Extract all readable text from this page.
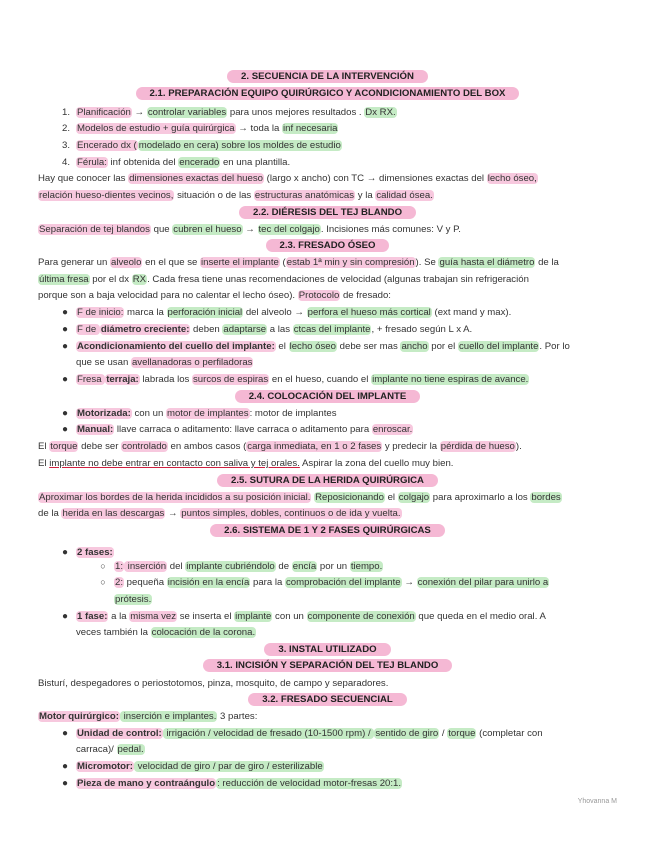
2. SECUENCIA DE LA INTERVENCIÓN
2.1. PREPARACIÓN EQUIPO QUIRÚRGICO Y ACONDICIONAMIENTO DEL BOX
1. Planificación → controlar variables para unos mejores resultados . Dx RX.
2. Modelos de estudio + guía quirúrgica → toda la inf necesaria
3. Encerado dx ( modelado en cera) sobre los moldes de estudio
4. Férula: inf obtenida del encerado en una plantilla.
Hay que conocer las dimensiones exactas del hueso (largo x ancho) con TC → dimensiones exactas del lecho óseo,
relación hueso-dientes vecinos, situación o de las estructuras anatómicas y la calidad ósea.
2.2. DIÉRESIS DEL TEJ BLANDO
Separación de tej blandos que cubren el hueso → tec del colgajo. Incisiones más comunes: V y P.
2.3. FRESADO ÓSEO
Para generar un alveolo en el que se inserte el implante (estab 1ª min y sin compresión). Se guía hasta el diámetro de la
última fresa por el dx RX. Cada fresa tiene unas recomendaciones de velocidad (algunas trabajan sin refrigeración
porque son a baja velocidad para no calentar el lecho óseo). Protocolo de fresado:
● F de inicio: marca la perforación inicial del alveolo → perfora el hueso más cortical (ext mand y max).
● F de diámetro creciente: deben adaptarse a las ctcas del implante, + fresado según L x A.
● Acondicionamiento del cuello del implante: el lecho óseo debe ser mas ancho por el cuello del implante. Por lo
que se usan avellanadoras o perfiladoras
● Fresa terraja: labrada los surcos de espiras en el hueso, cuando el implante no tiene espiras de avance.
2.4. COLOCACIÓN DEL IMPLANTE
● Motorizada: con un motor de implantes: motor de implantes
● Manual: llave carraca o aditamento: llave carraca o aditamento para enroscar.
El torque debe ser controlado en ambos casos (carga inmediata, en 1 o 2 fases y predecir la pérdida de hueso).
El implante no debe entrar en contacto con saliva y tej orales. Aspirar la zona del cuello muy bien.
2.5. SUTURA DE LA HERIDA QUIRÚRGICA
Aproximar los bordes de la herida incididos a su posición inicial. Reposicionando el colgajo para aproximarlo a los bordes
de la herida en las descargas → puntos simples, dobles, continuos o de ida y vuelta.
2.6. SISTEMA DE 1 Y 2 FASES QUIRÚRGICAS
● 2 fases:
○ 1: inserción del implante cubriéndolo de encía por un tiempo.
○ 2: pequeña incisión en la encía para la comprobación del implante → conexión del pilar para unirlo a
prótesis.
● 1 fase: a la misma vez se inserta el implante con un componente de conexión que queda en el medio oral. A
veces también la colocación de la corona.
3. INSTAL UTILIZADO
3.1. INCISIÓN Y SEPARACIÓN DEL TEJ BLANDO
Bisturí, despegadores o periostotomos, pinza, mosquito, de campo y separadores.
3.2. FRESADO SECUENCIAL
Motor quirúrgico: inserción e implantes. 3 partes:
● Unidad de control: irrigación / velocidad de fresado (10-1500 rpm) / sentido de giro / torque (completar con
carraca)/ pedal.
● Micromotor: velocidad de giro / par de giro / esterilizable
● Pieza de mano y contraángulo : reducción de velocidad motor-fresas 20:1.
Yhovanna M
